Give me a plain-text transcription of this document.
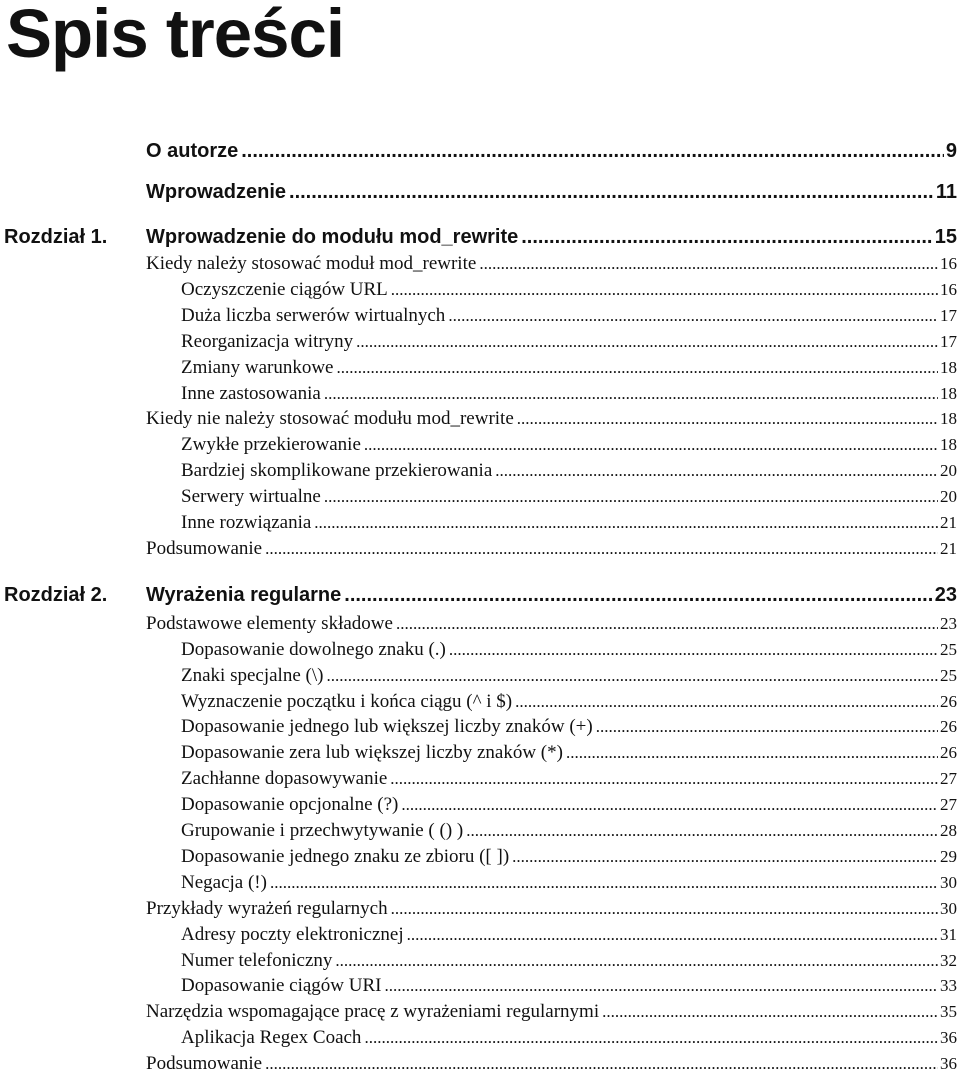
Spis treści
O autorze .....	9
Wprowadzenie .....	11
Rozdział 1. Wprowadzenie do modułu mod_rewrite .....	15
Kiedy należy stosować moduł mod_rewrite .....	16
Oczyszczenie ciągów URL .....	16
Duża liczba serwerów wirtualnych .....	17
Reorganizacja witryny .....	17
Zmiany warunkowe .....	18
Inne zastosowania .....	18
Kiedy nie należy stosować modułu mod_rewrite .....	18
Zwykłe przekierowanie .....	18
Bardziej skomplikowane przekierowania .....	20
Serwery wirtualne .....	20
Inne rozwiązania .....	21
Podsumowanie .....	21
Rozdział 2. Wyrażenia regularne .....	23
Podstawowe elementy składowe .....	23
Dopasowanie dowolnego znaku (.) .....	25
Znaki specjalne (\) .....	25
Wyznaczenie początku i końca ciągu (^ i $) .....	26
Dopasowanie jednego lub większej liczby znaków (+) .....	26
Dopasowanie zera lub większej liczby znaków (*) .....	26
Zachłanne dopasowywanie .....	27
Dopasowanie opcjonalne (?) .....	27
Grupowanie i przechwytywanie ( () ) .....	28
Dopasowanie jednego znaku ze zbioru ([ ]) .....	29
Negacja (!) .....	30
Przykłady wyrażeń regularnych .....	30
Adresy poczty elektronicznej .....	31
Numer telefoniczny .....	32
Dopasowanie ciągów URI .....	33
Narzędzia wspomagające pracę z wyrażeniami regularnymi .....	35
Aplikacja Regex Coach .....	36
Podsumowanie .....	36
